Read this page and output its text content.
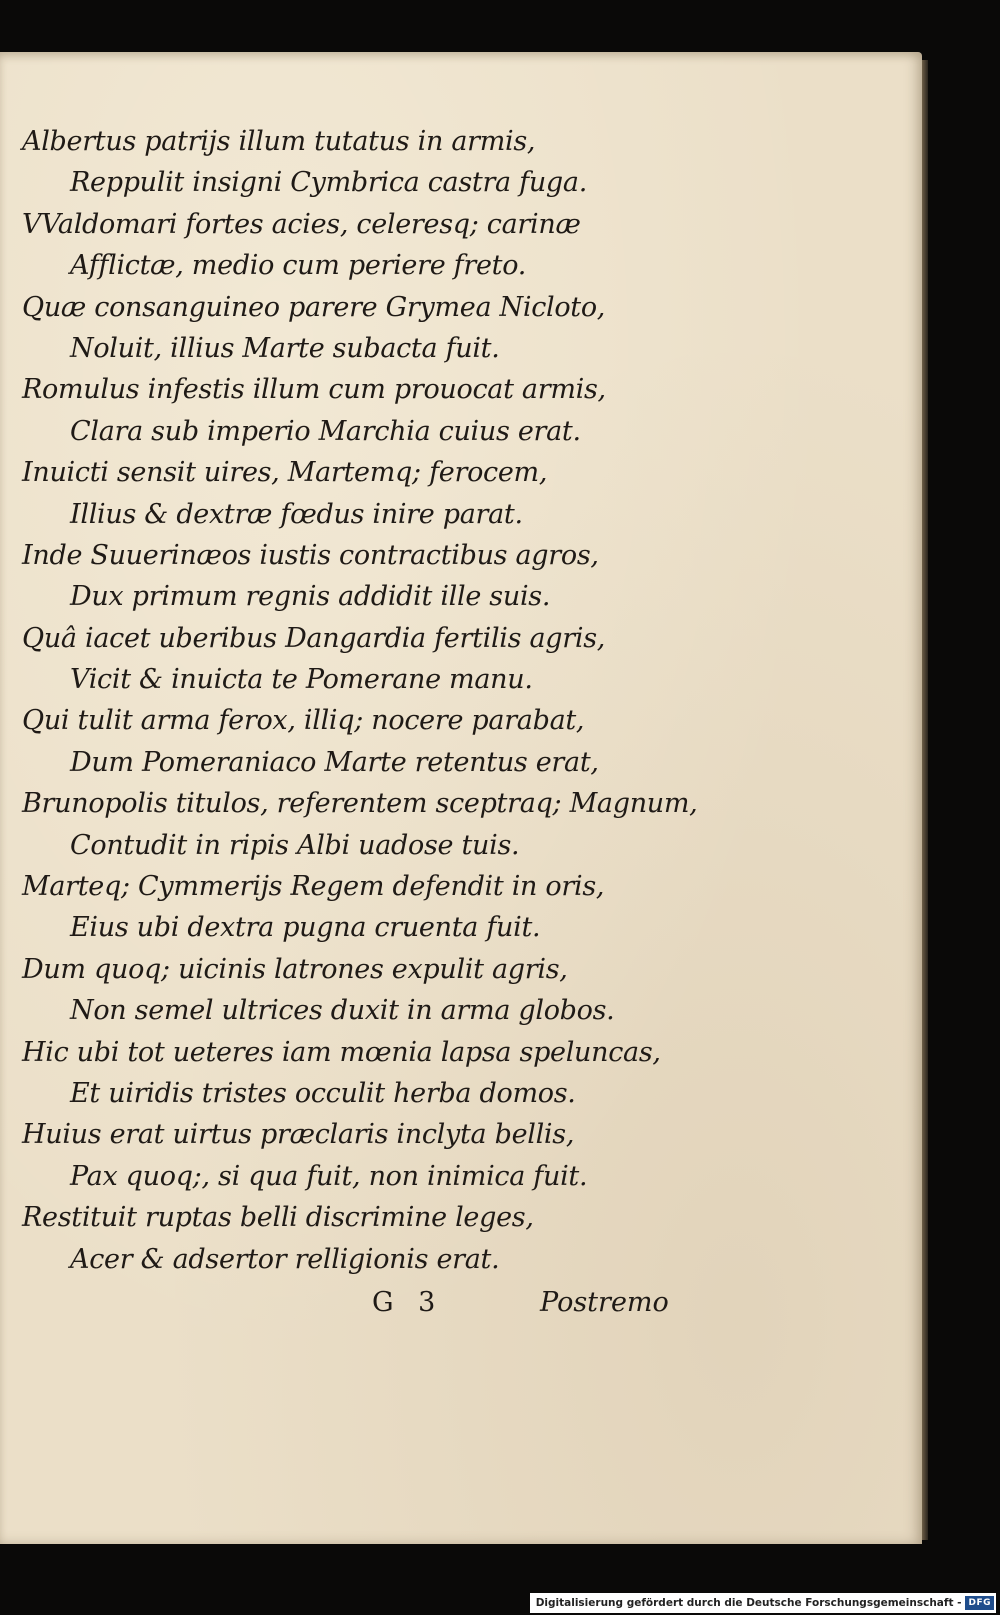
Albertus patrijs illum tutatus in armis,
Reppulit insigni Cymbrica castra fuga.
VValdomari fortes acies, celeresq; carinæ
Afflictæ, medio cum periere freto.
Quæ consanguineo parere Grymea Nicloto,
Noluit, illius Marte subacta fuit.
Romulus infestis illum cum prouocat armis,
Clara sub imperio Marchia cuius erat.
Inuicti sensit uires, Martemq; ferocem,
Illius & dextræ fœdus inire parat.
Inde Suuerinæos iustis contractibus agros,
Dux primum regnis addidit ille suis.
Quâ iacet uberibus Dangardia fertilis agris,
Vicit & inuicta te Pomerane manu.
Qui tulit arma ferox, illiq; nocere parabat,
Dum Pomeraniaco Marte retentus erat,
Brunopolis titulos, referentem sceptraq; Magnum,
Contudit in ripis Albi uadose tuis.
Marteq; Cymmerijs Regem defendit in oris,
Eius ubi dextra pugna cruenta fuit.
Dum quoq; uicinis latrones expulit agris,
Non semel ultrices duxit in arma globos.
Hic ubi tot ueteres iam mœnia lapsa speluncas,
Et uiridis tristes occulit herba domos.
Huius erat uirtus præclaris inclyta bellis,
Pax quoq;, si qua fuit, non inimica fuit.
Restituit ruptas belli discrimine leges,
Acer & adsertor relligionis erat.
G 3	Postremo
Digitalisierung gefördert durch die Deutsche Forschungsgemeinschaft - DFG
